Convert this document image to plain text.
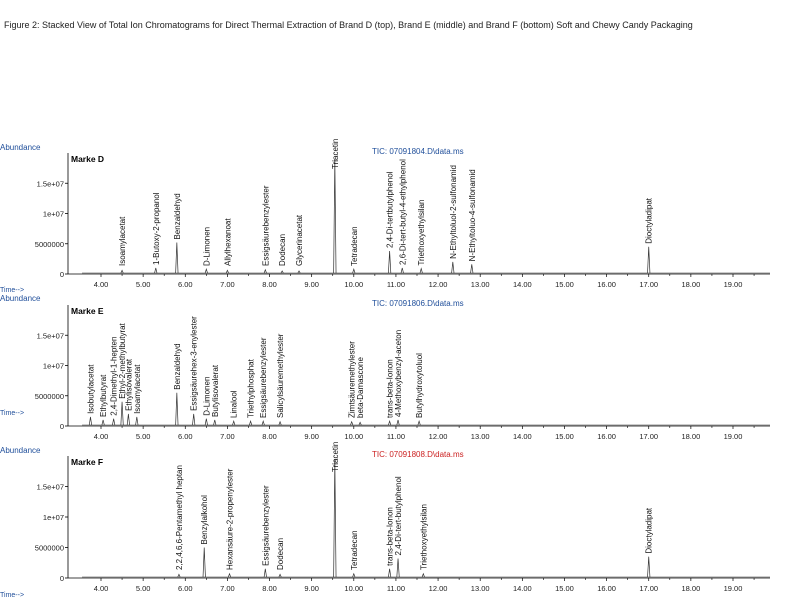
Figure 2: Stacked View of Total Ion Chromatograms for Direct Thermal Extraction of Brand D (top), Brand E (middle) and Brand F (bottom) Soft and Chewy Candy Packaging
Abundance
Time-->
0
5000000
1e+07
1.5e+07
4.00	5.00	6.00	7.00	8.00	9.00	10.00	11.00	12.00	13.00	14.00	15.00	16.00	17.00	18.00	19.00
Marke D
TIC: 07091804.D\data.ms
Isoamylacetat	1-Butoxy-2-propanol Benzaldehyd
D-Limonen Allylhexanoat	Essigsäurebenzylester Dodecan Glycerinacetat
Triacetin
Tetradecan	2,4-Di-tertbutylphenol 2,6-Di-tert-butyl-4-ethylphenol Triethoxyethylsilan	N-Ethyltoluol-2-sulfonamid N-Ethyltoluo-4-sulfonamid	Dioctyladipat
Abundance
Time-->
0
5000000
1e+07
1.5e+07
4.00	5.00	6.00	7.00	8.00	9.00	10.00	11.00	12.00	13.00	14.00	15.00	16.00	17.00	18.00	19.00
Marke E
TIC: 07091806.D\data.ms
Isobutylacetat Ethylbutyrat 2,4-Dimethyl-1-hepten Ethyl-2-methylbutyrat
Ethylisovalerat Isoamylacetat	Benzaldehyd Essigsäurehex-3-enylester D-Limonen Butylisovalerat Linalool Triethylphosphat Essigsäurebenzylester Salicylsäuremethylester	Zimtsäuremethylester beta-Damascone	trans-beta-Ionon 4-Methoxybenzyl-aceton Butylhydroxytoluol
Abundance
Time-->
0
5000000
1e+07
1.5e+07
4.00	5.00	6.00	7.00	8.00	9.00	10.00	11.00	12.00	13.00	14.00	15.00	16.00	17.00	18.00	19.00
Marke F
TIC: 07091808.D\data.ms
2,2,4,6,6-Pentamethyl heptan Benzylalkohol Hexansäure-2-propenylester	Essigsäurebenzylester Dodecan
Triacetin
Tetradecan	trans-beta-Ionon 2,4-Di-tert-butylphenol Triethoxyethylsilan	Dioctyladipat
